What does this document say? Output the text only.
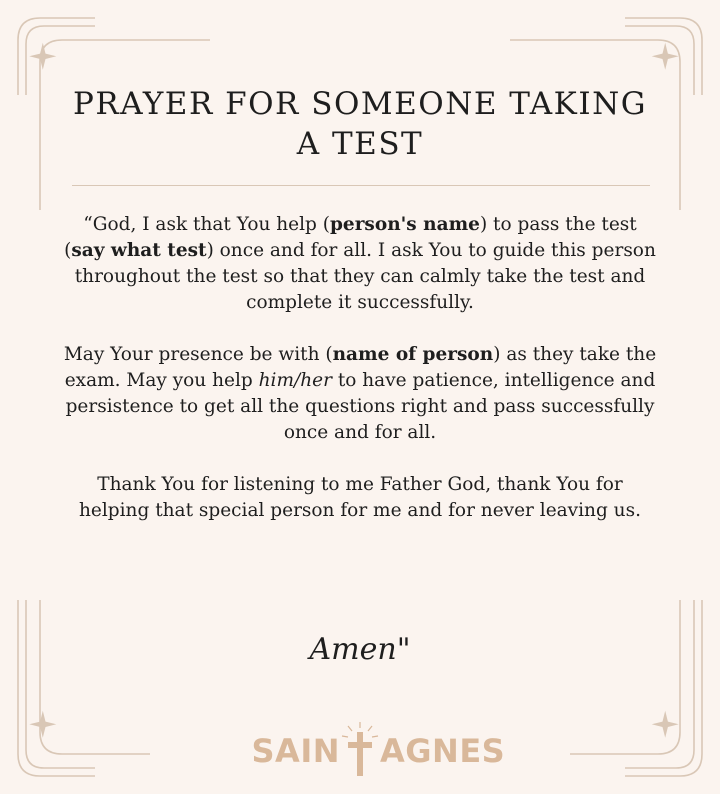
PRAYER FOR SOMEONE TAKING A TEST

“God, I ask that You help (person's name) to pass the test (say what test) once and for all. I ask You to guide this person throughout the test so that they can calmly take the test and complete it successfully.

May Your presence be with (name of person) as they take the exam. May you help him/her to have patience, intelligence and persistence to get all the questions right and pass successfully once and for all.

Thank You for listening to me Father God, thank You for helping that special person for me and for never leaving us.

Amen"
SAIN AGNES
